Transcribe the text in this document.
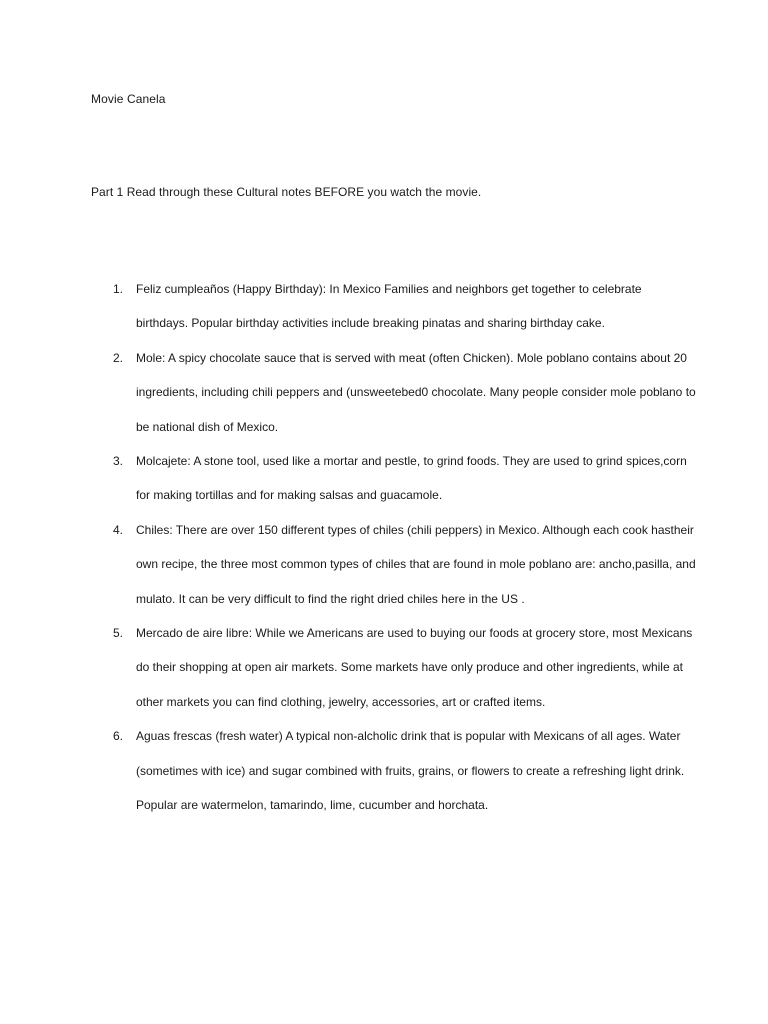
Movie Canela
Part 1 Read through these Cultural notes BEFORE you watch the movie.
1. Feliz cumpleaños (Happy Birthday): In Mexico Families and neighbors get together to celebrate birthdays. Popular birthday activities include breaking pinatas and sharing birthday cake.
2. Mole: A spicy chocolate sauce that is served with meat (often Chicken). Mole poblano contains about 20 ingredients, including chili peppers and (unsweetebed0 chocolate. Many people consider mole poblano to be national dish of Mexico.
3. Molcajete: A stone tool, used like a mortar and pestle, to grind foods. They are used to grind spices,corn for making tortillas and for making salsas and guacamole.
4. Chiles: There are over 150 different types of chiles (chili peppers) in Mexico. Although each cook hastheir own recipe, the three most common types of chiles that are found in mole poblano are: ancho,pasilla, and mulato. It can be very difficult to find the right dried chiles here in the US .
5. Mercado de aire libre: While we Americans are used to buying our foods at grocery store, most Mexicans do their shopping at open air markets. Some markets have only produce and other ingredients, while at other markets you can find clothing, jewelry, accessories, art or crafted items.
6. Aguas frescas (fresh water) A typical non-alcholic drink that is popular with Mexicans of all ages. Water (sometimes with ice) and sugar combined with fruits, grains, or flowers to create a refreshing light drink. Popular are watermelon, tamarindo, lime, cucumber and horchata.
